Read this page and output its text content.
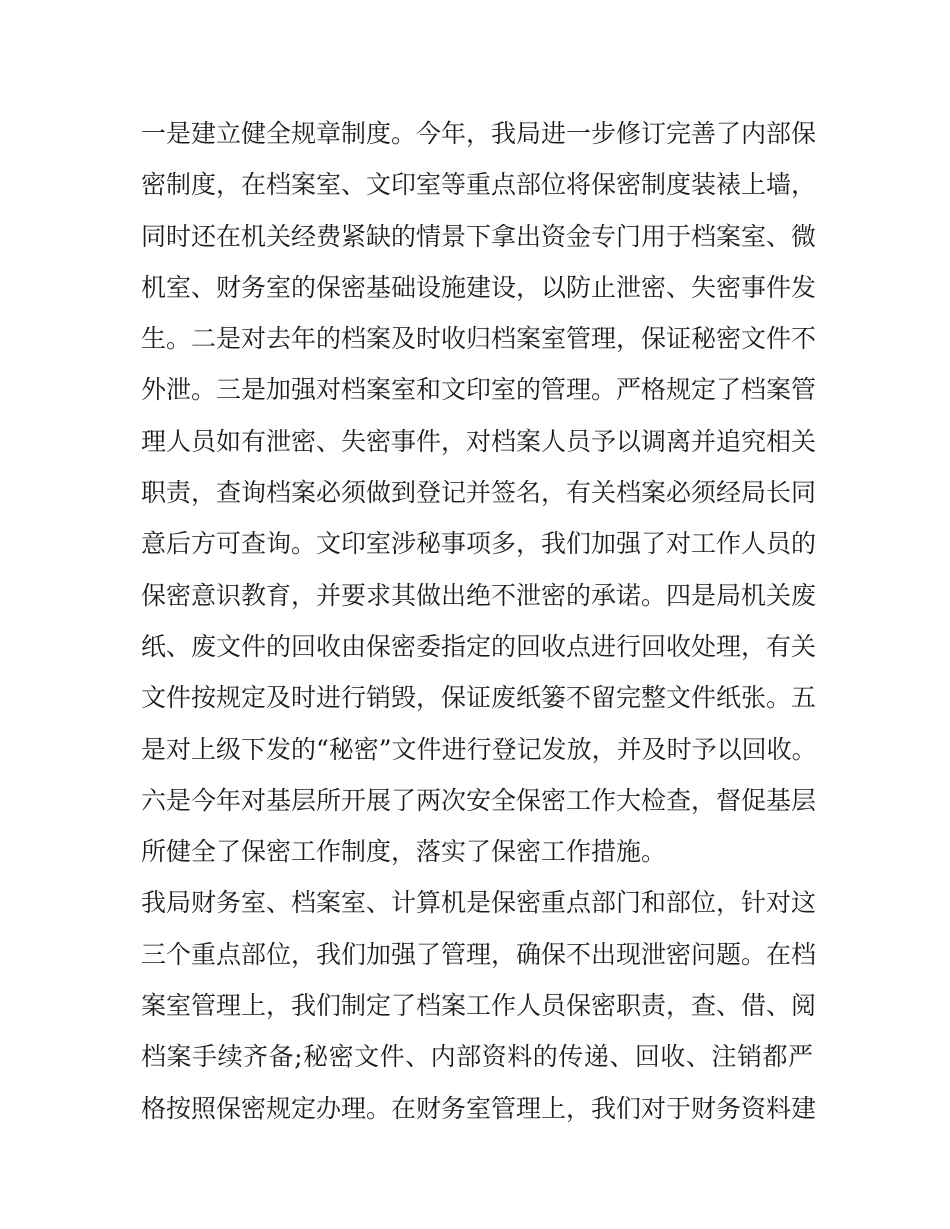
一是建立健全规章制度。今年，我局进一步修订完善了内部保
密制度，在档案室、文印室等重点部位将保密制度装裱上墙，
同时还在机关经费紧缺的情景下拿出资金专门用于档案室、微
机室、财务室的保密基础设施建设，以防止泄密、失密事件发
生。二是对去年的档案及时收归档案室管理，保证秘密文件不
外泄。三是加强对档案室和文印室的管理。严格规定了档案管
理人员如有泄密、失密事件，对档案人员予以调离并追究相关
职责，查询档案必须做到登记并签名，有关档案必须经局长同
意后方可查询。文印室涉秘事项多，我们加强了对工作人员的
保密意识教育，并要求其做出绝不泄密的承诺。四是局机关废
纸、废文件的回收由保密委指定的回收点进行回收处理，有关
文件按规定及时进行销毁，保证废纸篓不留完整文件纸张。五
是对上级下发的“秘密”文件进行登记发放，并及时予以回收。
六是今年对基层所开展了两次安全保密工作大检查，督促基层
所健全了保密工作制度，落实了保密工作措施。
我局财务室、档案室、计算机是保密重点部门和部位，针对这
三个重点部位，我们加强了管理，确保不出现泄密问题。在档
案室管理上，我们制定了档案工作人员保密职责，查、借、阅
档案手续齐备;秘密文件、内部资料的传递、回收、注销都严
格按照保密规定办理。在财务室管理上，我们对于财务资料建
